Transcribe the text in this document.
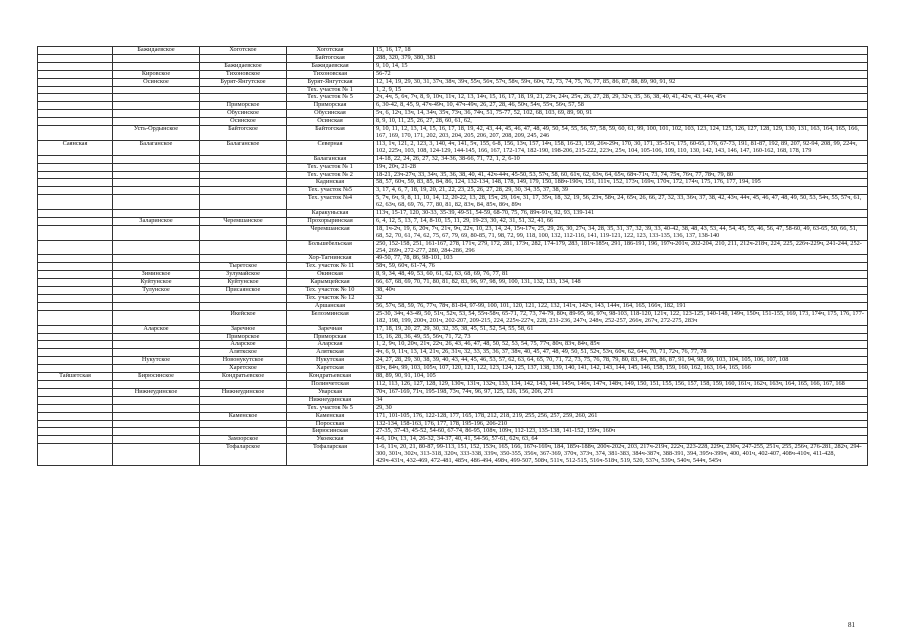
	Бажидаевское	Хоготское	Хоготская	15, 16, 17, 18
			Байтогская	288, 320, 379, 380, 381
		Бажидаевское	Бажидаевская	9, 10, 14, 15
	Кировское	Тихоновское	Тихоновская	56-72
	Осинское	Бурят-Янгутское	Бурят-Янгутская	12, 14, 19, 29, 30, 31, 37ч, 38ч, 39ч, 55ч, 56ч, 57ч, 58ч, 59ч, 60ч, 72, 73, 74, 75, 76, 77, 85, 86, 87, 88, 89, 90, 91, 92
			Тех. участок № 1	1, 2, 9, 15
			Тех. участок № 5	2ч, 4ч, 5, 6ч, 7ч, 8, 9, 10ч, 11ч, 12, 13, 14ч, 15, 16, 17, 18, 19, 21, 23ч, 24ч, 25ч, 26, 27, 28, 29, 32ч, 35, 36, 38, 40, 41, 42ч, 43, 44ч, 45ч
		Приморское	Приморская	6, 30-42, 8, 45, 9, 47ч-49ч, 10, 47ч-49ч, 26, 27, 28, 46, 50ч, 54ч, 55ч, 56ч, 57, 58
		Обусинское	Обусинская	5ч, 6, 12ч, 13ч, 14, 34ч, 35ч, 73ч, 36, 74ч, 51, 75-77, 52, 102, 68, 103, 69, 89, 90, 91
		Осинское	Осинская	8, 9, 10, 11, 25, 26, 27, 28, 60, 61, 62,
	Усть-Ордынское	Байтогское	Байтогская	9, 10, 11, 12, 13, 14, 15, 16, 17, 18, 19, 42, 43, 44, 45, 46, 47, 48, 49, 50, 54, 55, 56, 57, 58, 59, 60, 61, 99, 100, 101, 102, 103, 123, 124, 125, 126, 127, 128, 129, 130, 131, 163, 164, 165, 166, 167, 169, 170, 171, 202, 203, 204, 205, 206, 207, 208, 209, 245, 246
Саянская	Балаганское	Балаганское	Северная	113, 1ч, 121, 2, 123, 3, 140, 4ч, 141, 5ч, 155, 6-8, 156, 13ч, 157, 14ч, 158, 16-23, 159, 26ч-29ч, 170, 30, 171, 35-51ч, 175, 60-65, 176, 67-73, 191, 81-87, 192, 89, 207, 92-94, 208, 99, 224ч, 102, 225ч, 103, 108, 124-129, 144-145, 166, 167, 172-174, 182-190, 198-206, 215-222, 223ч, 25ч, 104, 105-106, 109, 110, 130, 142, 143, 146, 147, 160-162, 168, 178, 179
			Балаганская	14-18, 22, 24, 26, 27, 32, 34-36, 38-66, 71, 72, 1, 2, 6-10
			Тех. участок № 1	19ч, 20ч, 21-28
			Тех. участок № 2	18-21, 23ч-27ч, 33, 34ч, 35, 36, 38, 40, 41, 42ч-44ч, 45-50, 53, 57ч, 58, 60, 61ч, 62, 63ч, 64, 65ч, 68ч-71ч, 73, 74, 75ч, 76ч, 77, 78ч, 79, 80
			Кадинская	58, 57, 60ч, 59, 83, 85, 84, 86, 124, 132-134, 148, 178, 149, 179, 150, 188ч-190ч, 151, 111ч, 152, 173ч, 169ч, 170ч, 172, 174ч, 175, 176, 177, 194, 195
			Тех. участок №5	3, 17, 4, 6, 7, 18, 19, 20, 21, 22, 23, 25, 26, 27, 28, 29, 30, 34, 35, 37, 38, 39
			Тех. участок №4	5, 7ч, 6ч, 9, 8, 11, 10, 14, 12, 20-22, 13, 28, 15ч, 29, 16ч, 31, 17, 35ч, 18, 32, 19, 56, 23ч, 58ч, 24, 65ч, 26, 66, 27, 32, 33, 36ч, 37, 38, 42, 43ч, 44ч, 45, 46, 47, 48, 49, 50, 53, 54ч, 55, 57ч, 61, 62, 63ч, 68, 69, 76, 77, 80, 81, 82, 83ч, 84, 85ч, 86ч, 89ч
			Каракуньская	113ч, 15-17, 120, 30-33, 35-39, 49-51, 54-59, 68-70, 75, 76, 89ч-91ч, 92, 93, 139-141
	Заларинское	Черемшанское	Прохорыринская	6, 4, 12, 5, 13, 7, 14, 8-10, 15, 11, 29, 19-23, 30, 42, 31, 51, 32, 41, 66
			Черемшанская	18, 1ч-2ч, 19, 6, 20ч, 7ч, 21ч, 9ч, 22ч, 10, 23, 14, 24, 15ч-17ч, 25, 29, 26, 30, 27ч, 34, 28, 35, 31, 37, 32, 39, 33, 40-42, 38, 48, 43, 53, 44, 54, 45, 55, 46, 56, 47, 58-60, 49, 63-65, 50, 66, 51, 68, 52, 70, 61, 74, 62, 75, 67, 79, 69, 80-85, 71, 98, 72, 99, 118, 100, 132, 112-116, 141, 119-121, 122, 123, 133-135, 136, 137, 138-140
			Большебельская	250, 152-158, 251, 161-167, 278, 171ч, 279, 172, 281, 173ч, 282, 174-179, 283, 181ч-185ч, 291, 186-191, 196, 197ч-201ч, 202-204, 210, 211, 212ч-218ч, 224, 225, 226ч-229ч, 241-244, 252-254, 269ч, 272-277, 280, 284-286, 296
			Хор-Тагнинская	49-50, 77, 78, 86, 98-101, 103
		Тыретское	Тех. участок № 11	58ч, 59, 60ч, 61-74, 76
	Зиминское	Зулумайское	Окинская	8, 9, 34, 48, 49, 53, 60, 61, 62, 63, 68, 69, 76, 77, 81
	Куйтунское	Куйтунское	Карымцейская	66, 67, 68, 69, 70, 71, 80, 81, 82, 83, 96, 97, 98, 99, 100, 131, 132, 133, 134, 148
	Тулунское	Присаянское	Тех. участок № 10	38, 40ч
			Тех. участок № 12	32
			Аршанская	56, 57ч, 58, 59, 76, 77ч, 78ч, 81-84, 97-99, 100, 101, 120, 121, 122, 132, 141ч, 142ч, 143, 144ч, 164, 165, 166ч, 182, 191
		Икейское	Белоэминская	25-30, 34ч, 43-49, 50, 51ч, 52ч, 53, 54, 55ч-58ч, 65-71, 72, 73, 74-79, 80ч, 89-95, 96, 97ч, 98-103, 118-120, 121ч, 122, 123-125, 140-148, 149ч, 150ч, 151-155, 169, 173, 174ч, 175, 176, 177-182, 198, 199, 200ч, 201ч, 202-207, 209-215, 224, 225ч-227ч, 228, 231-236, 247ч, 248ч, 252-257, 266ч, 267ч, 272-275, 283ч
	Аларское	Заречное	Заречная	17, 18, 19, 20, 27, 29, 30, 32, 35, 38, 45, 51, 52, 54, 55, 58, 61
		Приморское	Приморская	15, 16, 28, 36, 49, 55, 56ч, 71, 72, 73
		Аларское	Аларская	1, 2, 9ч, 10, 20ч, 21ч, 22ч, 26, 43, 46, 47, 48, 50, 52, 53, 54, 75, 77ч, 80ч, 83ч, 84ч, 85ч
		Аляткское	Аляткская	4ч, 6, 9, 11ч, 13, 14, 21ч, 26, 31ч, 32, 33, 35, 36, 37, 38ч, 40, 45, 47, 48, 49, 50, 51, 52ч, 53ч, 60ч, 62, 64ч, 70, 71, 72ч, 76, 77, 78
	Нукутское	Новонукутское	Нукутская	24, 27, 28, 29, 30, 38, 39, 40, 43, 44, 45, 46, 53, 57, 62, 63, 64, 65, 70, 71, 72, 73, 75, 76, 78, 79, 80, 83, 84, 85, 86, 87, 91, 94, 98, 99, 103, 104, 105, 106, 107, 108
		Харетское	Харетская	83ч, 84ч, 99, 103, 105ч, 107, 120, 121, 122, 123, 124, 125, 137, 138, 139, 140, 141, 142, 143, 144, 145, 146, 158, 159, 160, 162, 163, 164, 165, 166
Тайшетская	Бирюсинское	Кондратьевское	Кондратьевская	88, 89, 90, 91, 104, 105
			Полинчетская	112, 113, 126, 127, 128, 129, 130ч, 131ч, 132ч, 133, 134, 142, 143, 144, 145ч, 146ч, 147ч, 148ч, 149, 150, 151, 155, 156, 157, 158, 159, 160, 161ч, 162ч, 163ч, 164, 165, 166, 167, 168
	Нижнеудинское	Нижнеудинское	Уварская	70ч, 167-169, 71ч, 195-198, 73ч, 74ч, 96, 97, 125, 126, 156, 206, 271
			Нижнеудинская	34
			Тех. участок № 5	29, 30
		Каменское	Каменская	171, 101-105, 176, 122-128, 177, 165, 178, 212, 218, 219, 255, 256, 257, 259, 260, 261
			Поросская	132-134, 158-163, 176, 177, 178, 195-196, 206-210
			Бирюсинская	27-35, 37-43, 45-52, 54-60, 67-74, 86-95, 108ч, 109ч, 112-123, 135-138, 141-152, 159ч, 160ч
		Замзорское	Укоекская	4-6, 10ч, 13, 14, 26-32, 34-37, 40, 41, 54-56, 57-61, 62ч, 63, 64
		Тофаларское	Тофаларская	1-6, 11ч, 20, 21, 80-87, 99-113, 151, 152, 153ч, 165, 166, 167ч-169ч, 184, 185ч-188ч, 200ч-202ч, 203, 217ч-219ч, 222ч, 223-228, 229ч, 230ч, 247-255, 251ч, 255, 256ч, 276-281, 282ч, 294-300, 301ч, 302ч, 313-318, 320ч, 333-338, 339ч, 350-355, 356ч, 367-369, 370ч, 373ч, 374, 381-383, 384ч-387ч, 388-391, 394, 395ч-399ч, 400, 401ч, 402-407, 408ч-410ч, 411-428, 429ч-431ч, 432-469, 472-481, 485ч, 486-494, 498ч, 499-507, 508ч, 511ч, 512-515, 516ч-518ч, 519, 520, 537ч, 539ч, 540ч, 544ч, 545ч
81
